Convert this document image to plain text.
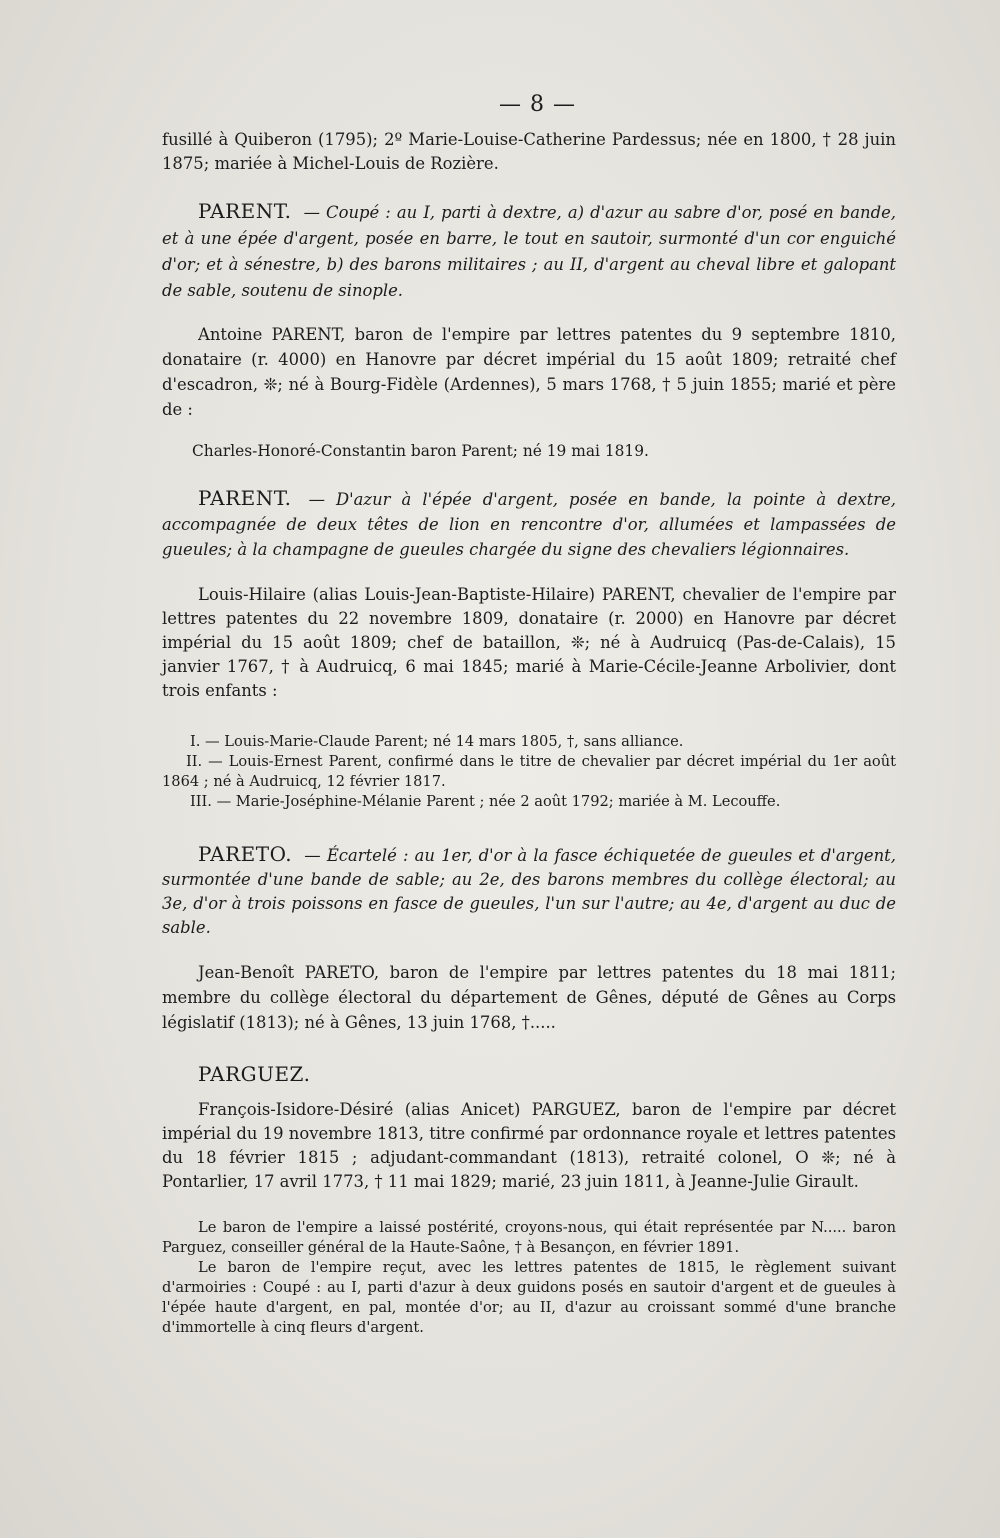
— 8 —

fusillé à Quiberon (1795); 2º Marie-Louise-Catherine Pardessus; née en 1800, † 28 juin 1875; mariée à Michel-Louis de Rozière.

PARENT. — Coupé : au I, parti à dextre, a) d'azur au sabre d'or, posé en bande, et à une épée d'argent, posée en barre, le tout en sautoir, surmonté d'un cor enguiché d'or; et à sénestre, b) des barons militaires ; au II, d'argent au cheval libre et galopant de sable, soutenu de sinople.

Antoine PARENT, baron de l'empire par lettres patentes du 9 septembre 1810, donataire (r. 4000) en Hanovre par décret impérial du 15 août 1809; retraité chef d'escadron, ❊; né à Bourg-Fidèle (Ardennes), 5 mars 1768, † 5 juin 1855; marié et père de :

Charles-Honoré-Constantin baron Parent; né 19 mai 1819.

PARENT. — D'azur à l'épée d'argent, posée en bande, la pointe à dextre, accompagnée de deux têtes de lion en rencontre d'or, allumées et lampassées de gueules; à la champagne de gueules chargée du signe des chevaliers légionnaires.

Louis-Hilaire (alias Louis-Jean-Baptiste-Hilaire) PARENT, chevalier de l'empire par lettres patentes du 22 novembre 1809, donataire (r. 2000) en Hanovre par décret impérial du 15 août 1809; chef de bataillon, ❊; né à Audruicq (Pas-de-Calais), 15 janvier 1767, † à Audruicq, 6 mai 1845; marié à Marie-Cécile-Jeanne Arbolivier, dont trois enfants :

I. — Louis-Marie-Claude Parent; né 14 mars 1805, †, sans alliance.

II. — Louis-Ernest Parent, confirmé dans le titre de chevalier par décret impérial du 1er août 1864 ; né à Audruicq, 12 février 1817.

III. — Marie-Joséphine-Mélanie Parent ; née 2 août 1792; mariée à M. Lecouffe.

PARETO. — Écartelé : au 1er, d'or à la fasce échiquetée de gueules et d'argent, surmontée d'une bande de sable; au 2e, des barons membres du collège électoral; au 3e, d'or à trois poissons en fasce de gueules, l'un sur l'autre; au 4e, d'argent au duc de sable.

Jean-Benoît PARETO, baron de l'empire par lettres patentes du 18 mai 1811; membre du collège électoral du département de Gênes, député de Gênes au Corps législatif (1813); né à Gênes, 13 juin 1768, †.....

PARGUEZ.

François-Isidore-Désiré (alias Anicet) PARGUEZ, baron de l'empire par décret impérial du 19 novembre 1813, titre confirmé par ordonnance royale et lettres patentes du 18 février 1815 ; adjudant-commandant (1813), retraité colonel, O ❊; né à Pontarlier, 17 avril 1773, † 11 mai 1829; marié, 23 juin 1811, à Jeanne-Julie Girault.

Le baron de l'empire a laissé postérité, croyons-nous, qui était représentée par N..... baron Parguez, conseiller général de la Haute-Saône, † à Besançon, en février 1891.

Le baron de l'empire reçut, avec les lettres patentes de 1815, le règlement suivant d'armoiries : Coupé : au I, parti d'azur à deux guidons posés en sautoir d'argent et de gueules à l'épée haute d'argent, en pal, montée d'or; au II, d'azur au croissant sommé d'une branche d'immortelle à cinq fleurs d'argent.
